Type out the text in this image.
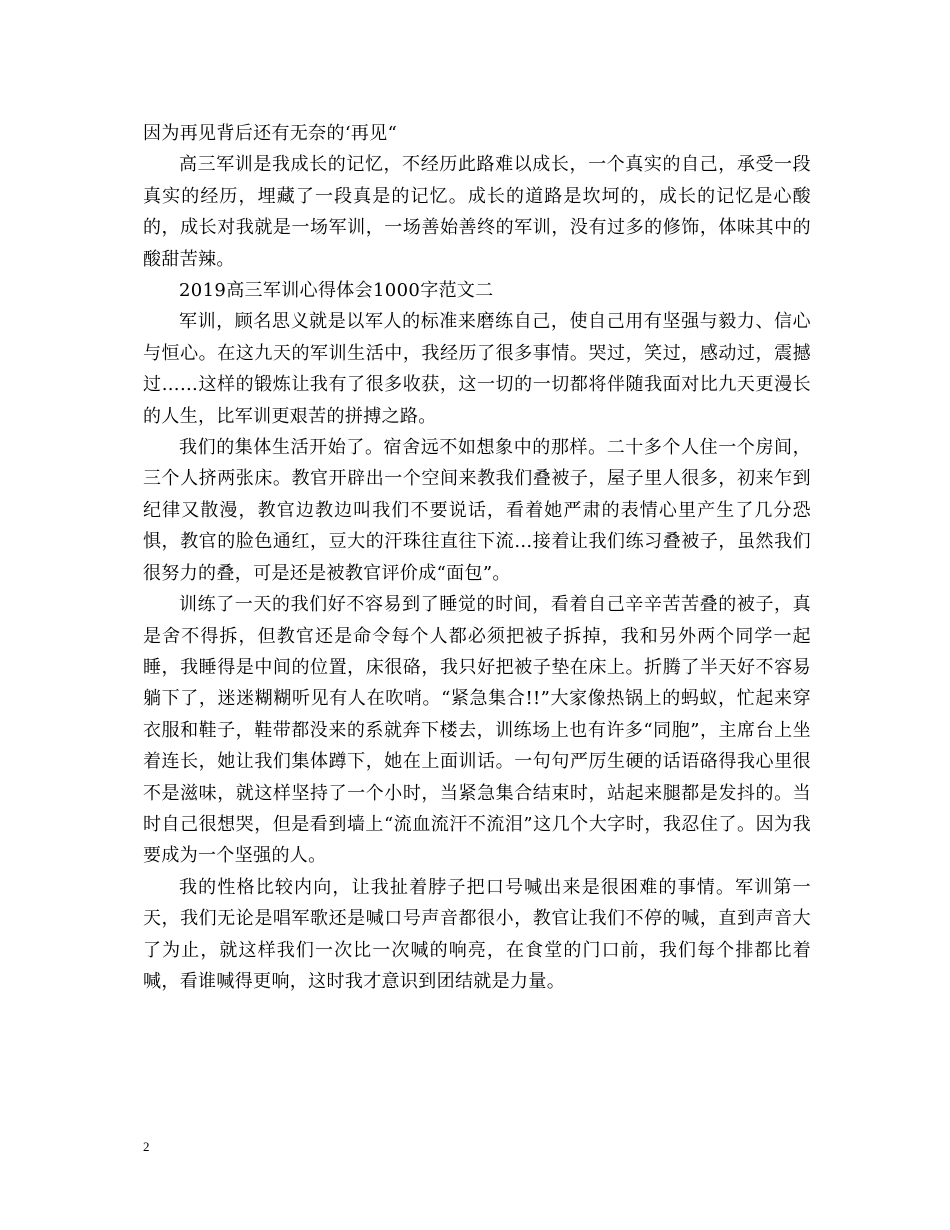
因为再见背后还有无奈的‘再见“

高三军训是我成长的记忆，不经历此路难以成长，一个真实的自己，承受一段真实的经历，埋藏了一段真是的记忆。成长的道路是坎坷的，成长的记忆是心酸的，成长对我就是一场军训，一场善始善终的军训，没有过多的修饰，体味其中的酸甜苦辣。

2019高三军训心得体会1000字范文二

军训，顾名思义就是以军人的标准来磨练自己，使自己用有坚强与毅力、信心与恒心。在这九天的军训生活中，我经历了很多事情。哭过，笑过，感动过，震撼过……这样的锻炼让我有了很多收获，这一切的一切都将伴随我面对比九天更漫长的人生，比军训更艰苦的拼搏之路。

我们的集体生活开始了。宿舍远不如想象中的那样。二十多个人住一个房间，三个人挤两张床。教官开辟出一个空间来教我们叠被子，屋子里人很多，初来乍到纪律又散漫，教官边教边叫我们不要说话，看着她严肃的表情心里产生了几分恐惧，教官的脸色通红，豆大的汗珠往直往下流…接着让我们练习叠被子，虽然我们很努力的叠，可是还是被教官评价成“面包”。

训练了一天的我们好不容易到了睡觉的时间，看着自己辛辛苦苦叠的被子，真是舍不得拆，但教官还是命令每个人都必须把被子拆掉，我和另外两个同学一起睡，我睡得是中间的位置，床很硌，我只好把被子垫在床上。折腾了半天好不容易躺下了，迷迷糊糊听见有人在吹哨。“紧急集合!!”大家像热锅上的蚂蚁，忙起来穿衣服和鞋子，鞋带都没来的系就奔下楼去，训练场上也有许多“同胞”，主席台上坐着连长，她让我们集体蹲下，她在上面训话。一句句严厉生硬的话语硌得我心里很不是滋味，就这样坚持了一个小时，当紧急集合结束时，站起来腿都是发抖的。当时自己很想哭，但是看到墙上“流血流汗不流泪”这几个大字时，我忍住了。因为我要成为一个坚强的人。

我的性格比较内向，让我扯着脖子把口号喊出来是很困难的事情。军训第一天，我们无论是唱军歌还是喊口号声音都很小，教官让我们不停的喊，直到声音大了为止，就这样我们一次比一次喊的响亮，在食堂的门口前，我们每个排都比着喊，看谁喊得更响，这时我才意识到团结就是力量。

2
